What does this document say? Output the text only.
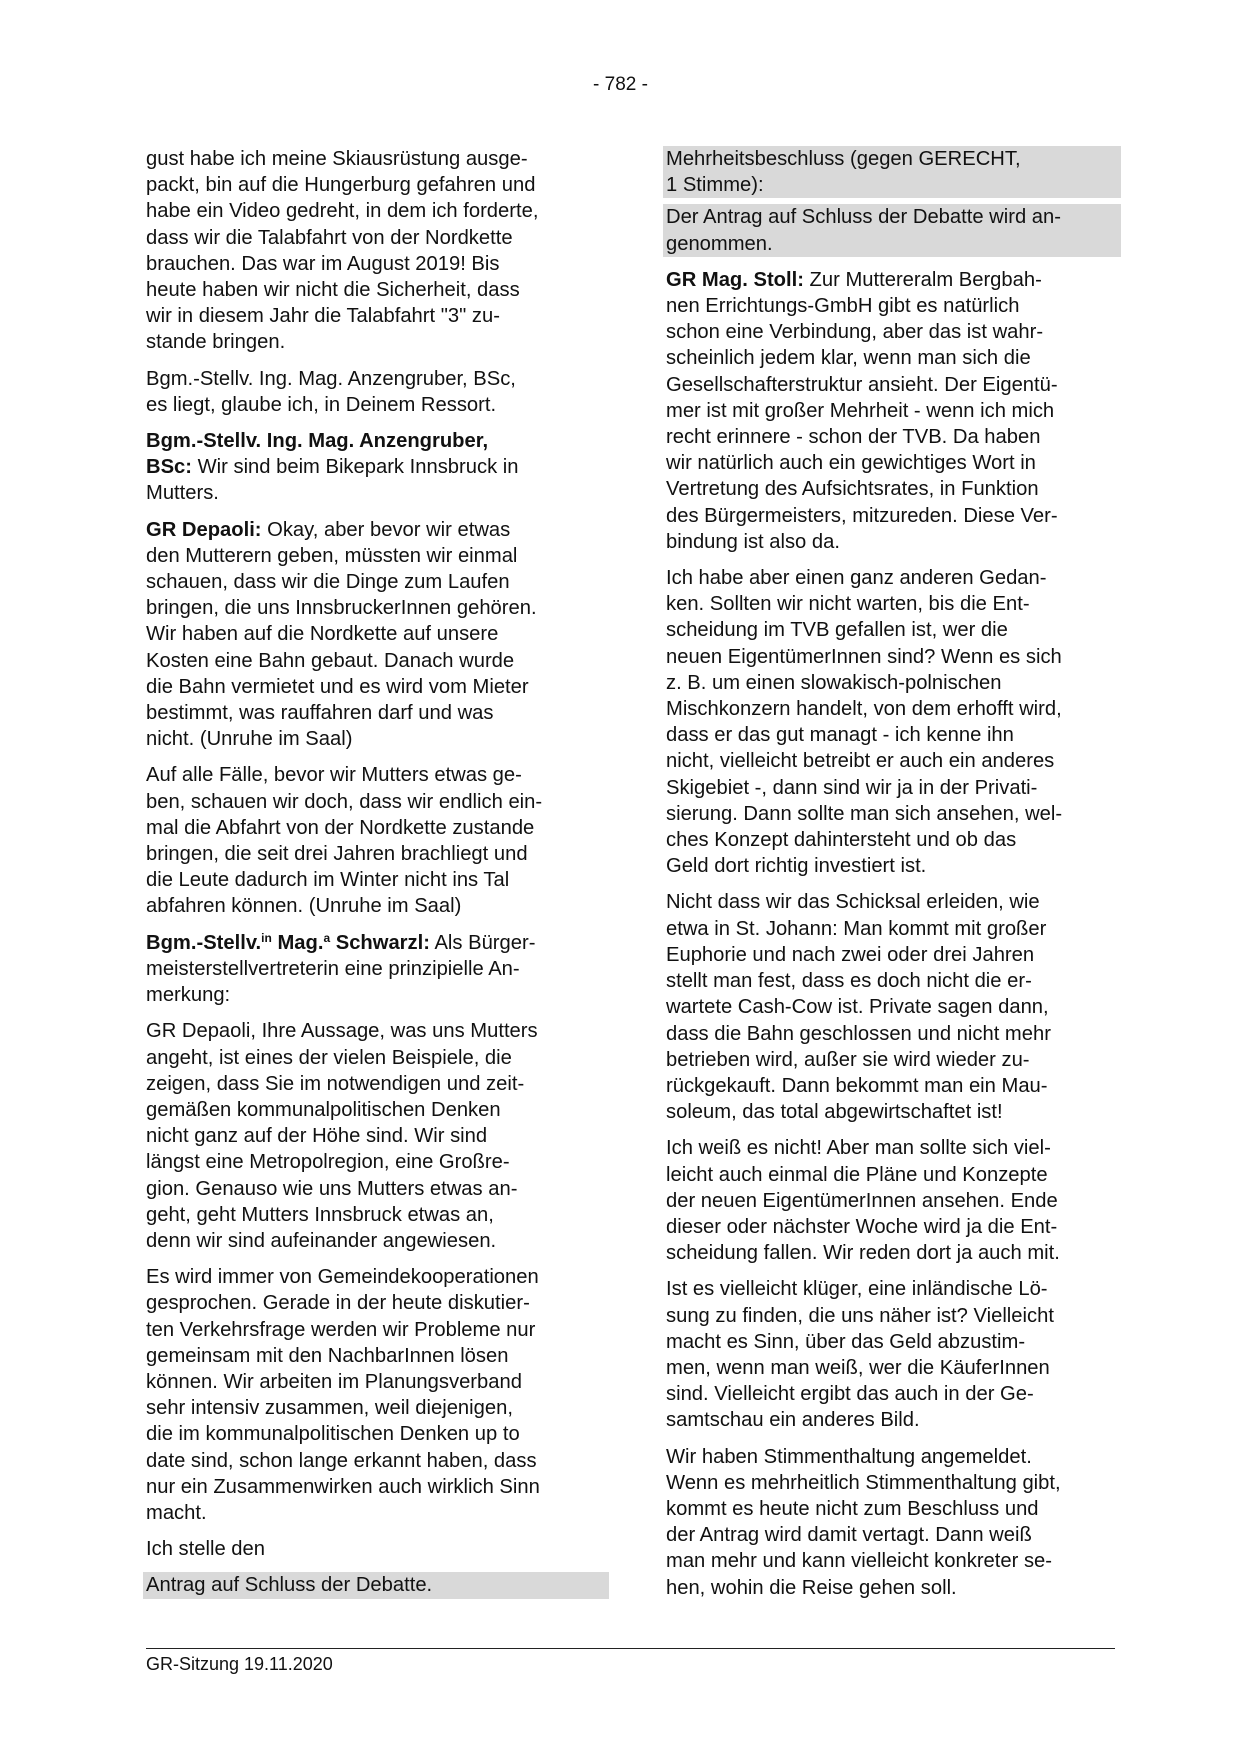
- 782 -

gust habe ich meine Skiausrüstung ausge-
packt, bin auf die Hungerburg gefahren und
habe ein Video gedreht, in dem ich forderte,
dass wir die Talabfahrt von der Nordkette
brauchen. Das war im August 2019! Bis
heute haben wir nicht die Sicherheit, dass
wir in diesem Jahr die Talabfahrt "3" zu-
stande bringen.

Bgm.-Stellv. Ing. Mag. Anzengruber, BSc,
es liegt, glaube ich, in Deinem Ressort.

Bgm.-Stellv. Ing. Mag. Anzengruber,
BSc: Wir sind beim Bikepark Innsbruck in
Mutters.

GR Depaoli: Okay, aber bevor wir etwas
den Mutterern geben, müssten wir einmal
schauen, dass wir die Dinge zum Laufen
bringen, die uns InnsbruckerInnen gehören.
Wir haben auf die Nordkette auf unsere
Kosten eine Bahn gebaut. Danach wurde
die Bahn vermietet und es wird vom Mieter
bestimmt, was rauffahren darf und was
nicht. (Unruhe im Saal)

Auf alle Fälle, bevor wir Mutters etwas ge-
ben, schauen wir doch, dass wir endlich ein-
mal die Abfahrt von der Nordkette zustande
bringen, die seit drei Jahren brachliegt und
die Leute dadurch im Winter nicht ins Tal
abfahren können. (Unruhe im Saal)

Bgm.-Stellv.$^{in}$ Mag.$^a$ Schwarzl: Als Bürger-
meisterstellvertreterin eine prinzipielle An-
merkung:

GR Depaoli, Ihre Aussage, was uns Mutters
angeht, ist eines der vielen Beispiele, die
zeigen, dass Sie im notwendigen und zeit-
gemäßen kommunalpolitischen Denken
nicht ganz auf der Höhe sind. Wir sind
längst eine Metropolregion, eine Großre-
gion. Genauso wie uns Mutters etwas an-
geht, geht Mutters Innsbruck etwas an,
denn wir sind aufeinander angewiesen.

Es wird immer von Gemeindekooperationen
gesprochen. Gerade in der heute diskutier-
ten Verkehrsfrage werden wir Probleme nur
gemeinsam mit den NachbarInnen lösen
können. Wir arbeiten im Planungsverband
sehr intensiv zusammen, weil diejenigen,
die im kommunalpolitischen Denken up to
date sind, schon lange erkannt haben, dass
nur ein Zusammenwirken auch wirklich Sinn
macht.

Ich stelle den

Antrag auf Schluss der Debatte.

Mehrheitsbeschluss (gegen GERECHT,
1 Stimme):

Der Antrag auf Schluss der Debatte wird an-
genommen.

GR Mag. Stoll: Zur Muttereralm Bergbah-
nen Errichtungs-GmbH gibt es natürlich
schon eine Verbindung, aber das ist wahr-
scheinlich jedem klar, wenn man sich die
Gesellschafterstruktur ansieht. Der Eigentü-
mer ist mit großer Mehrheit - wenn ich mich
recht erinnere - schon der TVB. Da haben
wir natürlich auch ein gewichtiges Wort in
Vertretung des Aufsichtsrates, in Funktion
des Bürgermeisters, mitzureden. Diese Ver-
bindung ist also da.

Ich habe aber einen ganz anderen Gedan-
ken. Sollten wir nicht warten, bis die Ent-
scheidung im TVB gefallen ist, wer die
neuen EigentümerInnen sind? Wenn es sich
z. B. um einen slowakisch-polnischen
Mischkonzern handelt, von dem erhofft wird,
dass er das gut managt - ich kenne ihn
nicht, vielleicht betreibt er auch ein anderes
Skigebiet -, dann sind wir ja in der Privati-
sierung. Dann sollte man sich ansehen, wel-
ches Konzept dahintersteht und ob das
Geld dort richtig investiert ist.

Nicht dass wir das Schicksal erleiden, wie
etwa in St. Johann: Man kommt mit großer
Euphorie und nach zwei oder drei Jahren
stellt man fest, dass es doch nicht die er-
wartete Cash-Cow ist. Private sagen dann,
dass die Bahn geschlossen und nicht mehr
betrieben wird, außer sie wird wieder zu-
rückgekauft. Dann bekommt man ein Mau-
soleum, das total abgewirtschaftet ist!

Ich weiß es nicht! Aber man sollte sich viel-
leicht auch einmal die Pläne und Konzepte
der neuen EigentümerInnen ansehen. Ende
dieser oder nächster Woche wird ja die Ent-
scheidung fallen. Wir reden dort ja auch mit.

Ist es vielleicht klüger, eine inländische Lö-
sung zu finden, die uns näher ist? Vielleicht
macht es Sinn, über das Geld abzustim-
men, wenn man weiß, wer die KäuferInnen
sind. Vielleicht ergibt das auch in der Ge-
samtschau ein anderes Bild.

Wir haben Stimmenthaltung angemeldet.
Wenn es mehrheitlich Stimmenthaltung gibt,
kommt es heute nicht zum Beschluss und
der Antrag wird damit vertagt. Dann weiß
man mehr und kann vielleicht konkreter se-
hen, wohin die Reise gehen soll.

GR-Sitzung 19.11.2020
